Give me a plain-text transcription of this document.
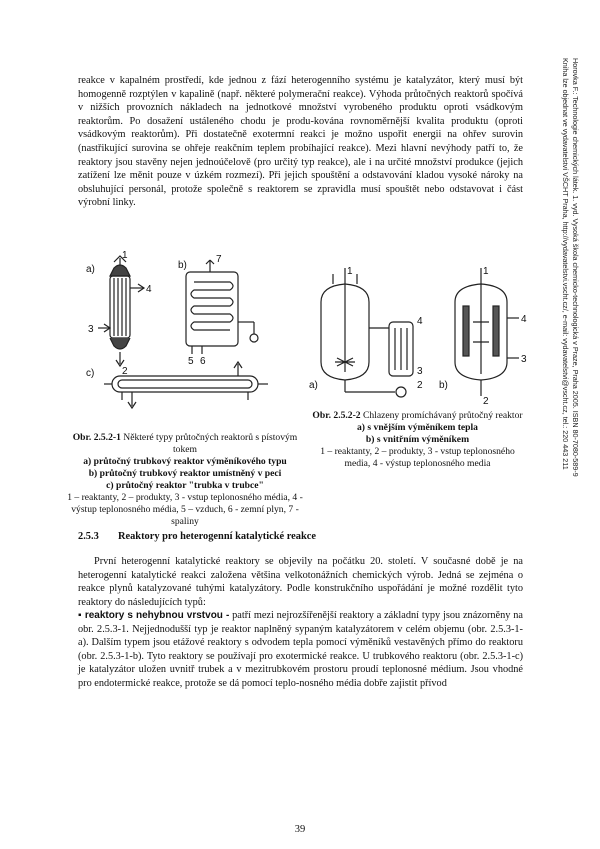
Horovka F.: Technologie chemických látek. 1. vyd. Vysoká škola chemicko-technologická v Praze, Praha 2005. ISBN 80-7080-589-9
Kniha lze objednat ve vydavatelství VŠCHT Praha, http://vydavatelstvi.vscht.cz/, e-mail: vydavatelstvi@vscht.cz, tel.: 220 443 211

reakce v kapalném prostředí, kde jednou z fází heterogenního systému je katalyzátor, který musí být homogenně rozptýlen v kapalině (např. některé polymerační reakce). Výhoda průtočných reaktorů spočívá v nižších provozních nákladech na jednotkové množství vyrobeného produktu oproti vsádkovým reaktorům. Po dosažení ustáleného chodu je produ-kována rovnoměrnější kvalita produktu (oproti vsádkovým reaktorům). Při dostatečně exotermní reakci je možno uspořit energii na ohřev surovin (nastřikující surovina se ohřeje reakčním teplem probíhající reakce). Mezi hlavní nevýhody patří to, že reaktory jsou stavěny nejen jednoúčelově (pro určitý typ reakce), ale i na určité množství produkce (jejich zatížení lze měnit pouze v úzkém rozmezí). Při jejich spouštění a odstavování kladou vysoké nároky na obsluhující personál, protože společně s reaktorem se zpravidla musí spouštět nebo odstavovat i část výrobní linky.

a)	b)
c)
1
2
3
4
5 6
7
a)	b)
1	1
2
2
3
3
4	4
Obr. 2.5.2-1 Některé typy průtočných reaktorů s pístovým tokem
a) průtočný trubkový reaktor výměníkového typu
b) průtočný trubkový reaktor umístněný v peci
c) průtočný reaktor "trubka v trubce"
1 – reaktanty, 2 – produkty, 3 - vstup teplonosného média, 4 - výstup teplonosného média, 5 – vzduch, 6 - zemní plyn, 7 - spaliny
Obr. 2.5.2-2 Chlazeny promíchávaný průtočný reaktor
a) s vnějším výměníkem tepla
b) s vnitřním výměníkem
1 – reaktanty, 2 – produkty, 3 - vstup teplonosného media, 4 - výstup teplonosného media

2.5.3 Reaktory pro heterogenní katalytické reakce

První heterogenní katalytické reaktory se objevily na počátku 20. století. V současné době je na heterogenní katalytické reakci založena většina velkotonážních chemických výrob. Jedná se zejména o reakce plynů katalyzované tuhými katalyzátory. Podle konstrukčního uspořádání je možné rozdělit tyto reaktory do následujících typů:

▪ reaktory s nehybnou vrstvou - patří mezi nejrozšířenější reaktory a základní typy jsou znázorněny na obr. 2.5.3-1. Nejjednodušší typ je reaktor naplněný sypaným katalyzátorem v celém objemu (obr. 2.5.3-1-a). Dalším typem jsou etážové reaktory s odvodem tepla pomocí výměníků vestavěných přímo do reaktoru (obr. 2.5.3-1-b). Tyto reaktory se používají pro exotermické reakce. U trubkového reaktoru (obr. 2.5.3-1-c) je katalyzátor uložen uvnitř trubek a v mezitrubkovém prostoru proudí teplonosné médium. Jsou vhodné pro endotermické reakce, protože se dá pomocí teplo-nosného média dobře zajistit přívod

39
